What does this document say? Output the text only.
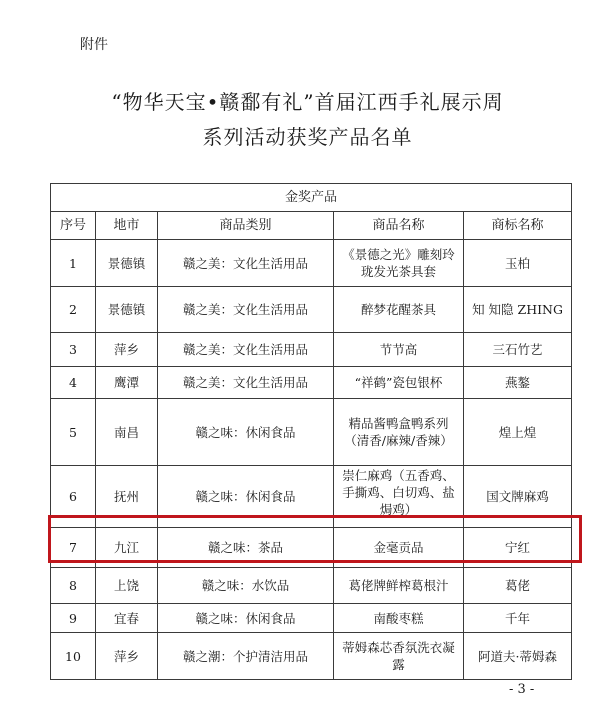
附件
“物华天宝•赣鄱有礼”首届江西手礼展示周
系列活动获奖产品名单
金奖产品				
序号	地市	商品类别	商品名称	商标名称
1	景德镇	赣之美：文化生活用品	《景德之光》雕刻玲珑发光茶具套	玉柏
2	景德镇	赣之美：文化生活用品	醉梦花醒茶具	知 知隐 ZHING
3	萍乡	赣之美：文化生活用品	节节高	三石竹艺
4	鹰潭	赣之美：文化生活用品	“祥鹤”瓷包银杯	燕鏊
5	南昌	赣之味：休闲食品	精品酱鸭盒鸭系列（清香/麻辣/香辣）	煌上煌
6	抚州	赣之味：休闲食品	崇仁麻鸡（五香鸡、手撕鸡、白切鸡、盐焗鸡）	国文牌麻鸡
7	九江	赣之味：茶品	金毫贡品	宁红
8	上饶	赣之味：水饮品	葛佬牌鲜榨葛根汁	葛佬
9	宜春	赣之味：休闲食品	南酸枣糕	千年
10	萍乡	赣之潮：个护清洁用品	蒂姆森芯香氛洗衣凝露	阿道夫·蒂姆森
- 3 -
